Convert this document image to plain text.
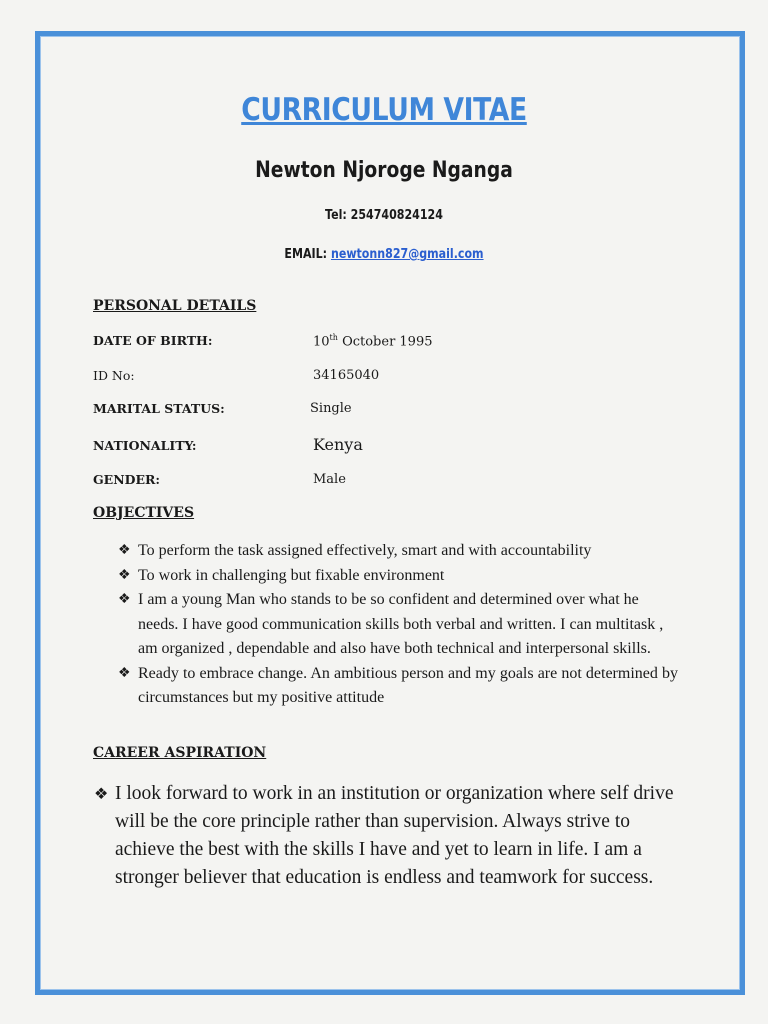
CURRICULUM VITAE
Newton Njoroge Nganga
Tel: 254740824124
EMAIL: newtonn827@gmail.com
PERSONAL DETAILS
DATE OF BIRTH:	10th October 1995
ID No:	34165040
MARITAL STATUS:	Single
NATIONALITY:	Kenya
GENDER:	Male
OBJECTIVES
❖ To perform the task assigned effectively, smart and with accountability
❖ To work in challenging but fixable environment
❖ I am a young Man who stands to be so confident and determined over what he needs. I have good communication skills both verbal and written. I can multitask , am organized , dependable and also have both technical and interpersonal skills.
❖ Ready to embrace change. An ambitious person and my goals are not determined by circumstances but my positive attitude
CAREER ASPIRATION
❖ I look forward to work in an institution or organization where self drive will be the core principle rather than supervision. Always strive to achieve the best with the skills I have and yet to learn in life. I am a stronger believer that education is endless and teamwork for success.
